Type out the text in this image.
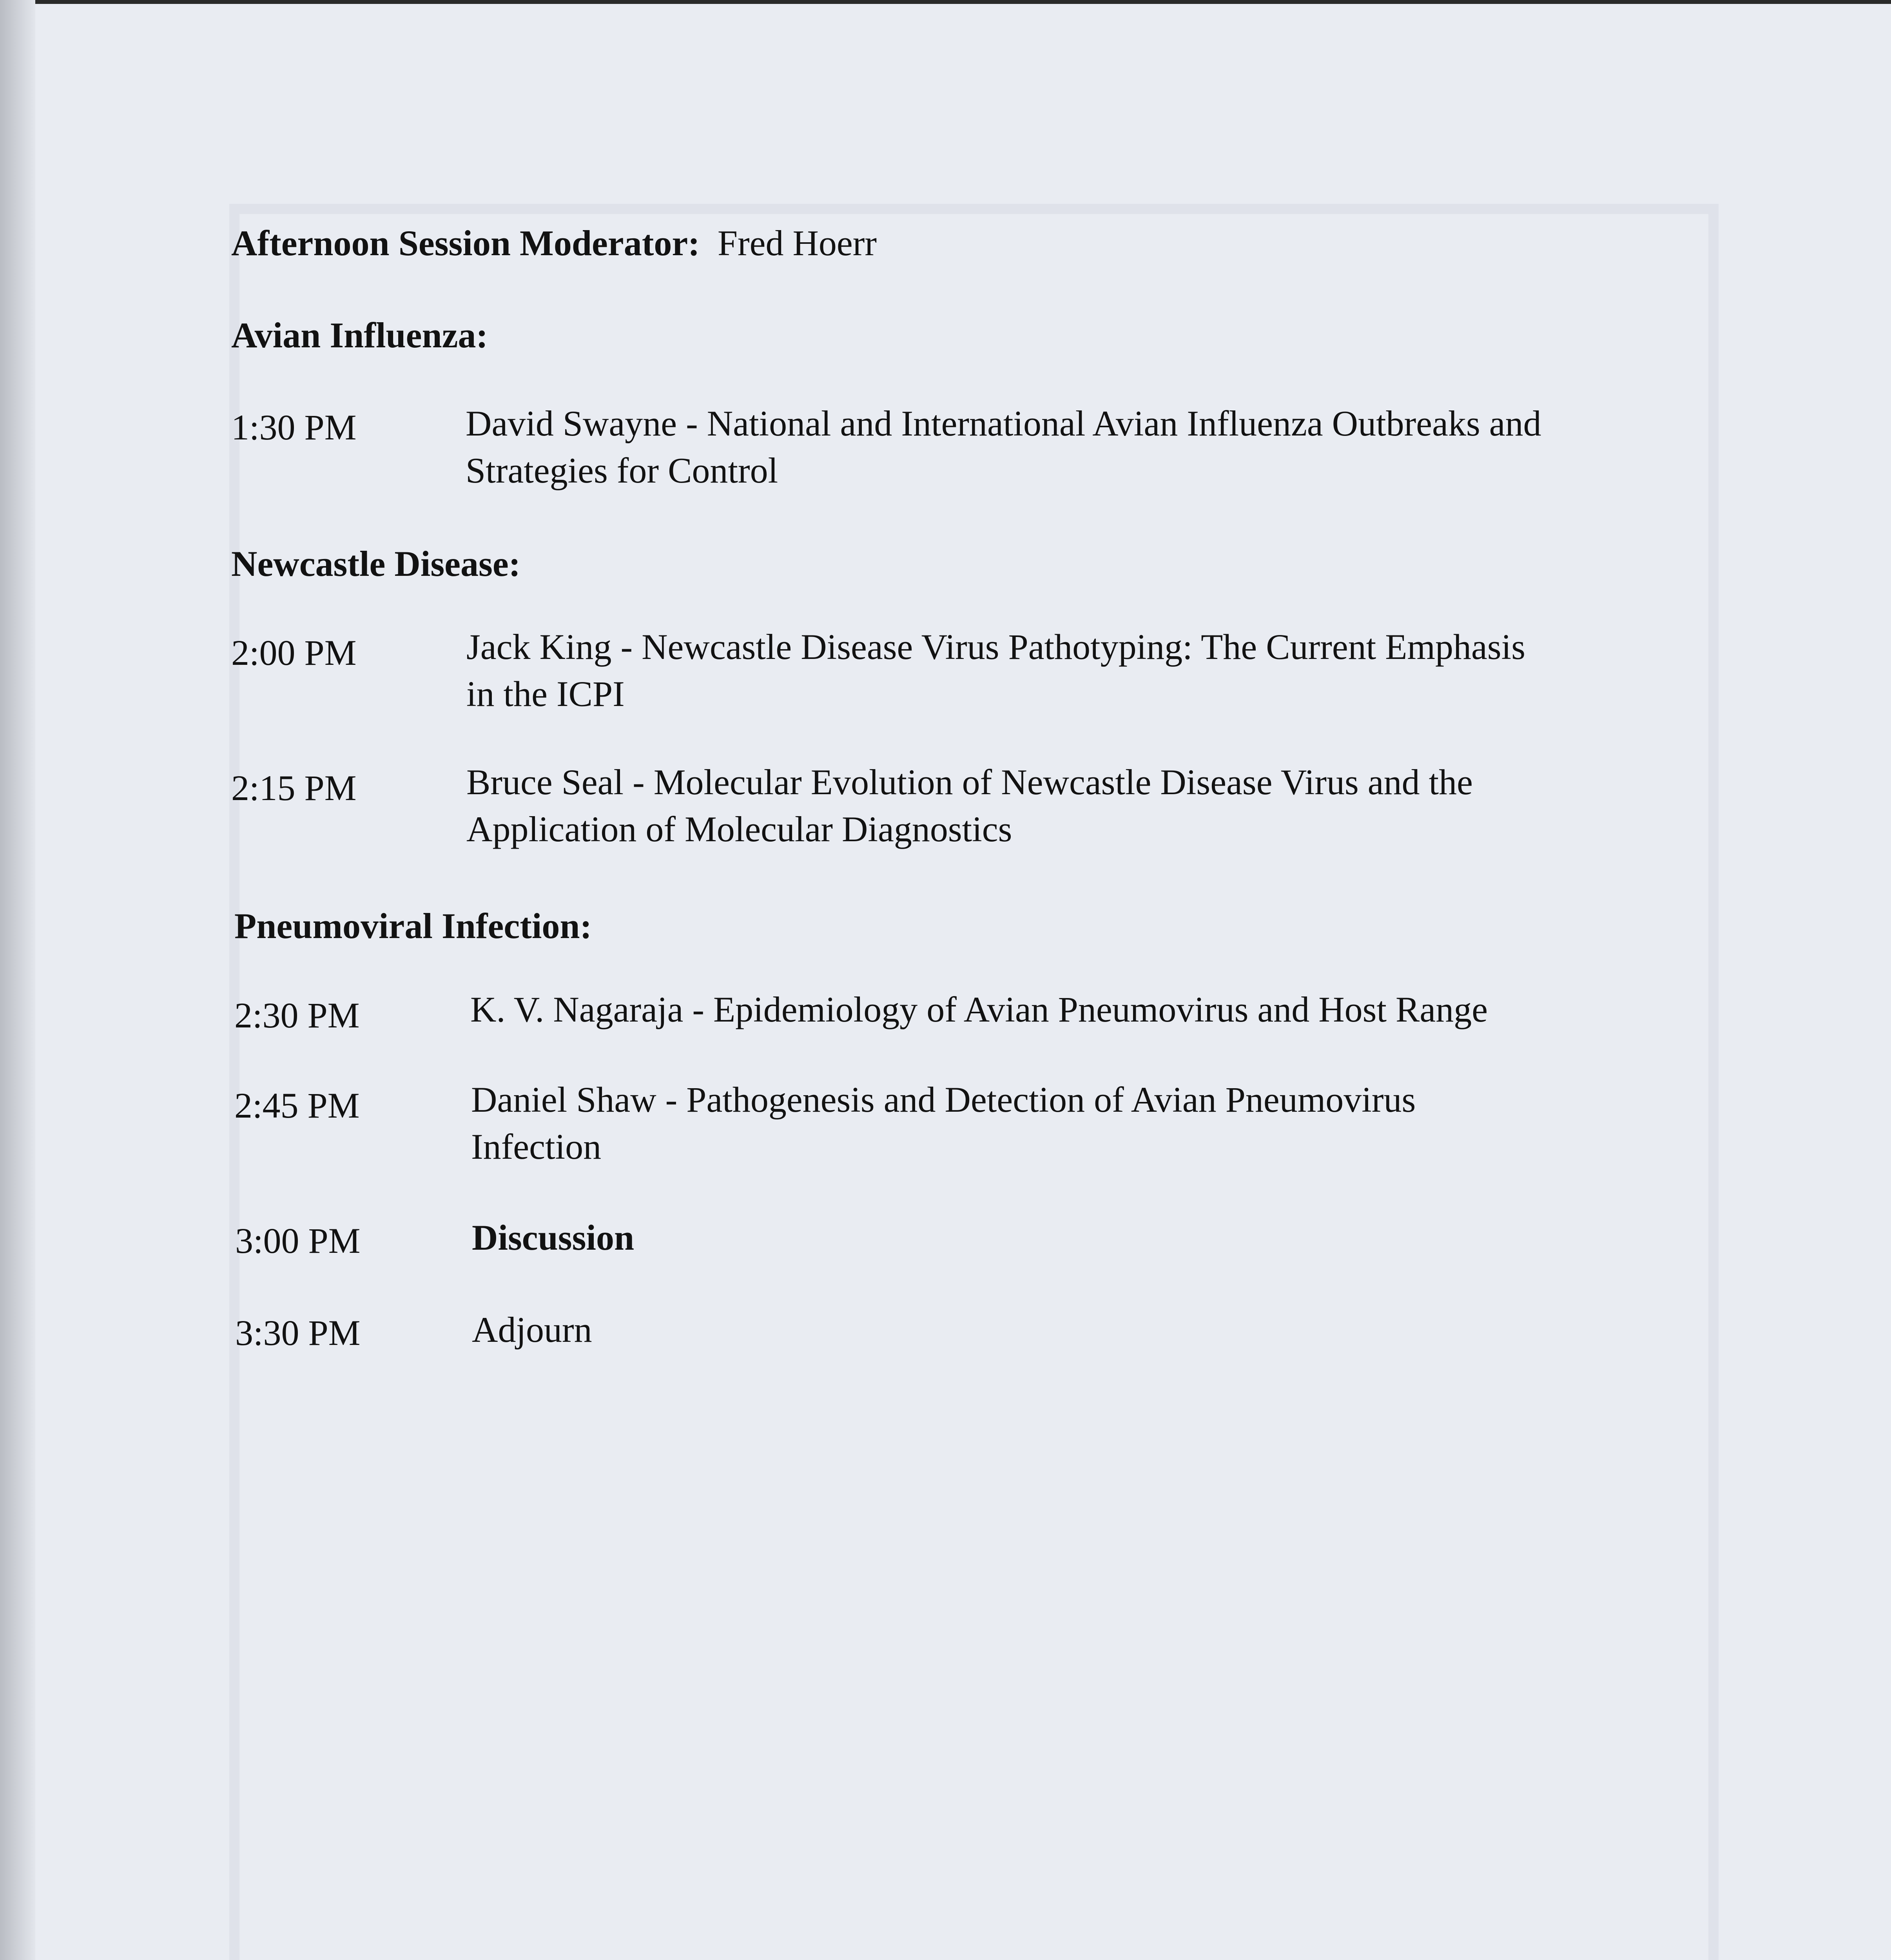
Afternoon Session Moderator: Fred Hoerr
Avian Influenza:
1:30 PM	David Swayne - National and International Avian Influenza Outbreaks and
Strategies for Control
Newcastle Disease:
2:00 PM	Jack King - Newcastle Disease Virus Pathotyping: The Current Emphasis
in the ICPI
2:15 PM	Bruce Seal - Molecular Evolution of Newcastle Disease Virus and the
Application of Molecular Diagnostics
Pneumoviral Infection:
2:30 PM	K. V. Nagaraja - Epidemiology of Avian Pneumovirus and Host Range
2:45 PM	Daniel Shaw - Pathogenesis and Detection of Avian Pneumovirus
Infection
3:00 PM	Discussion
3:30 PM	Adjourn
